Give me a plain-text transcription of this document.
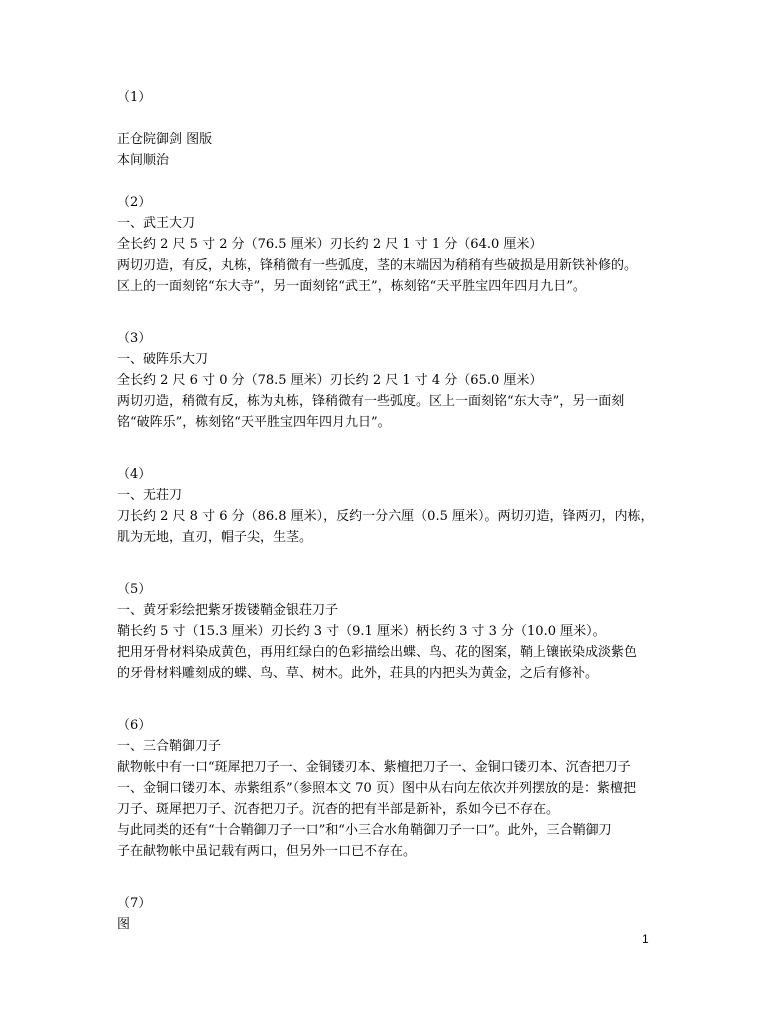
（1）
正仓院御剑 图版
本间顺治
（2）
一、武王大刀
全长约 2 尺 5 寸 2 分（76.5 厘米）刃长约 2 尺 1 寸 1 分（64.0 厘米）
两切刃造，有反，丸栋，锋稍微有一些弧度，茎的末端因为稍稍有些破损是用新铁补修的。
区上的一面刻铭“东大寺”，另一面刻铭“武王”，栋刻铭“天平胜宝四年四月九日”。
（3）
一、破阵乐大刀
全长约 2 尺 6 寸 0 分（78.5 厘米）刃长约 2 尺 1 寸 4 分（65.0 厘米）
两切刃造，稍微有反，栋为丸栋，锋稍微有一些弧度。区上一面刻铭“东大寺”，另一面刻
铭“破阵乐”，栋刻铭“天平胜宝四年四月九日”。
（4）
一、无荘刀
刀长约 2 尺 8 寸 6 分（86.8 厘米），反约一分六厘（0.5 厘米）。两切刃造，锋两刃，内栋，
肌为无地，直刃，帽子尖，生茎。
（5）
一、黄牙彩绘把紫牙拨镂鞘金银荘刀子
鞘长约 5 寸（15.3 厘米）刃长约 3 寸（9.1 厘米）柄长约 3 寸 3 分（10.0 厘米）。
把用牙骨材料染成黄色，再用红绿白的色彩描绘出蝶、鸟、花的图案，鞘上镶嵌染成淡紫色
的牙骨材料雕刻成的蝶、鸟、草、树木。此外，荘具的内把头为黄金，之后有修补。
（6）
一、三合鞘御刀子
献物帐中有一口“斑犀把刀子一、金铜镂刃本、紫檀把刀子一、金铜口镂刃本、沉杳把刀子
一、金铜口镂刃本、赤紫组系”（参照本文 70 页）图中从右向左依次并列摆放的是：紫檀把
刀子、斑犀把刀子、沉杳把刀子。沉杳的把有半部是新补，系如今已不存在。
与此同类的还有“十合鞘御刀子一口”和“小三合水角鞘御刀子一口”。此外，三合鞘御刀
子在献物帐中虽记载有两口，但另外一口已不存在。
（7）
图
1
